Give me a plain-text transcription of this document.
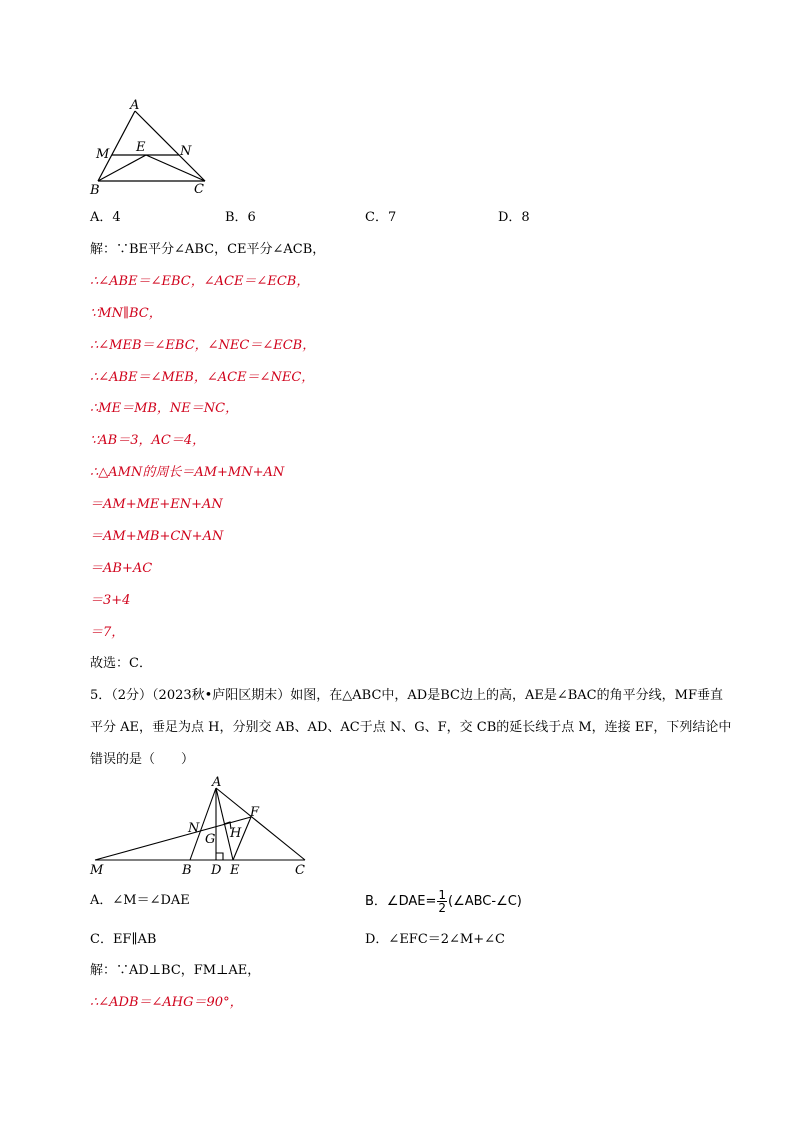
A
M E	N
B	C
A．4	B．6	C．7	D．8
解：∵BE平分∠ABC，CE平分∠ACB，
∴∠ABE＝∠EBC，∠ACE＝∠ECB，
∵MN∥BC，
∴∠MEB＝∠EBC，∠NEC＝∠ECB，
∴∠ABE＝∠MEB，∠ACE＝∠NEC，
∴ME＝MB，NE＝NC，
∵AB＝3，AC＝4，
∴△AMN的周长＝AM+MN+AN
＝AM+ME+EN+AN
＝AM+MB+CN+AN
＝AB+AC
＝3+4
＝7，
故选：C．
5．（2分）（2023秋•庐阳区期末）如图，在△ABC中，AD是BC边上的高，AE是∠BAC的角平分线，MF垂直
平分 AE，垂足为点 H，分别交 AB、AD、AC于点 N、G、F，交 CB的延长线于点 M，连接 EF，下列结论中
错误的是（　　）
A
F
N H
G
M	B D E	C
A．∠M＝∠DAE	B．∠DAE= $\frac{1}{2}$ (∠ABC-∠C)
C．EF∥AB	D．∠EFC＝2∠M+∠C
解：∵AD⊥BC，FM⊥AE，
∴∠ADB＝∠AHG＝90°，
